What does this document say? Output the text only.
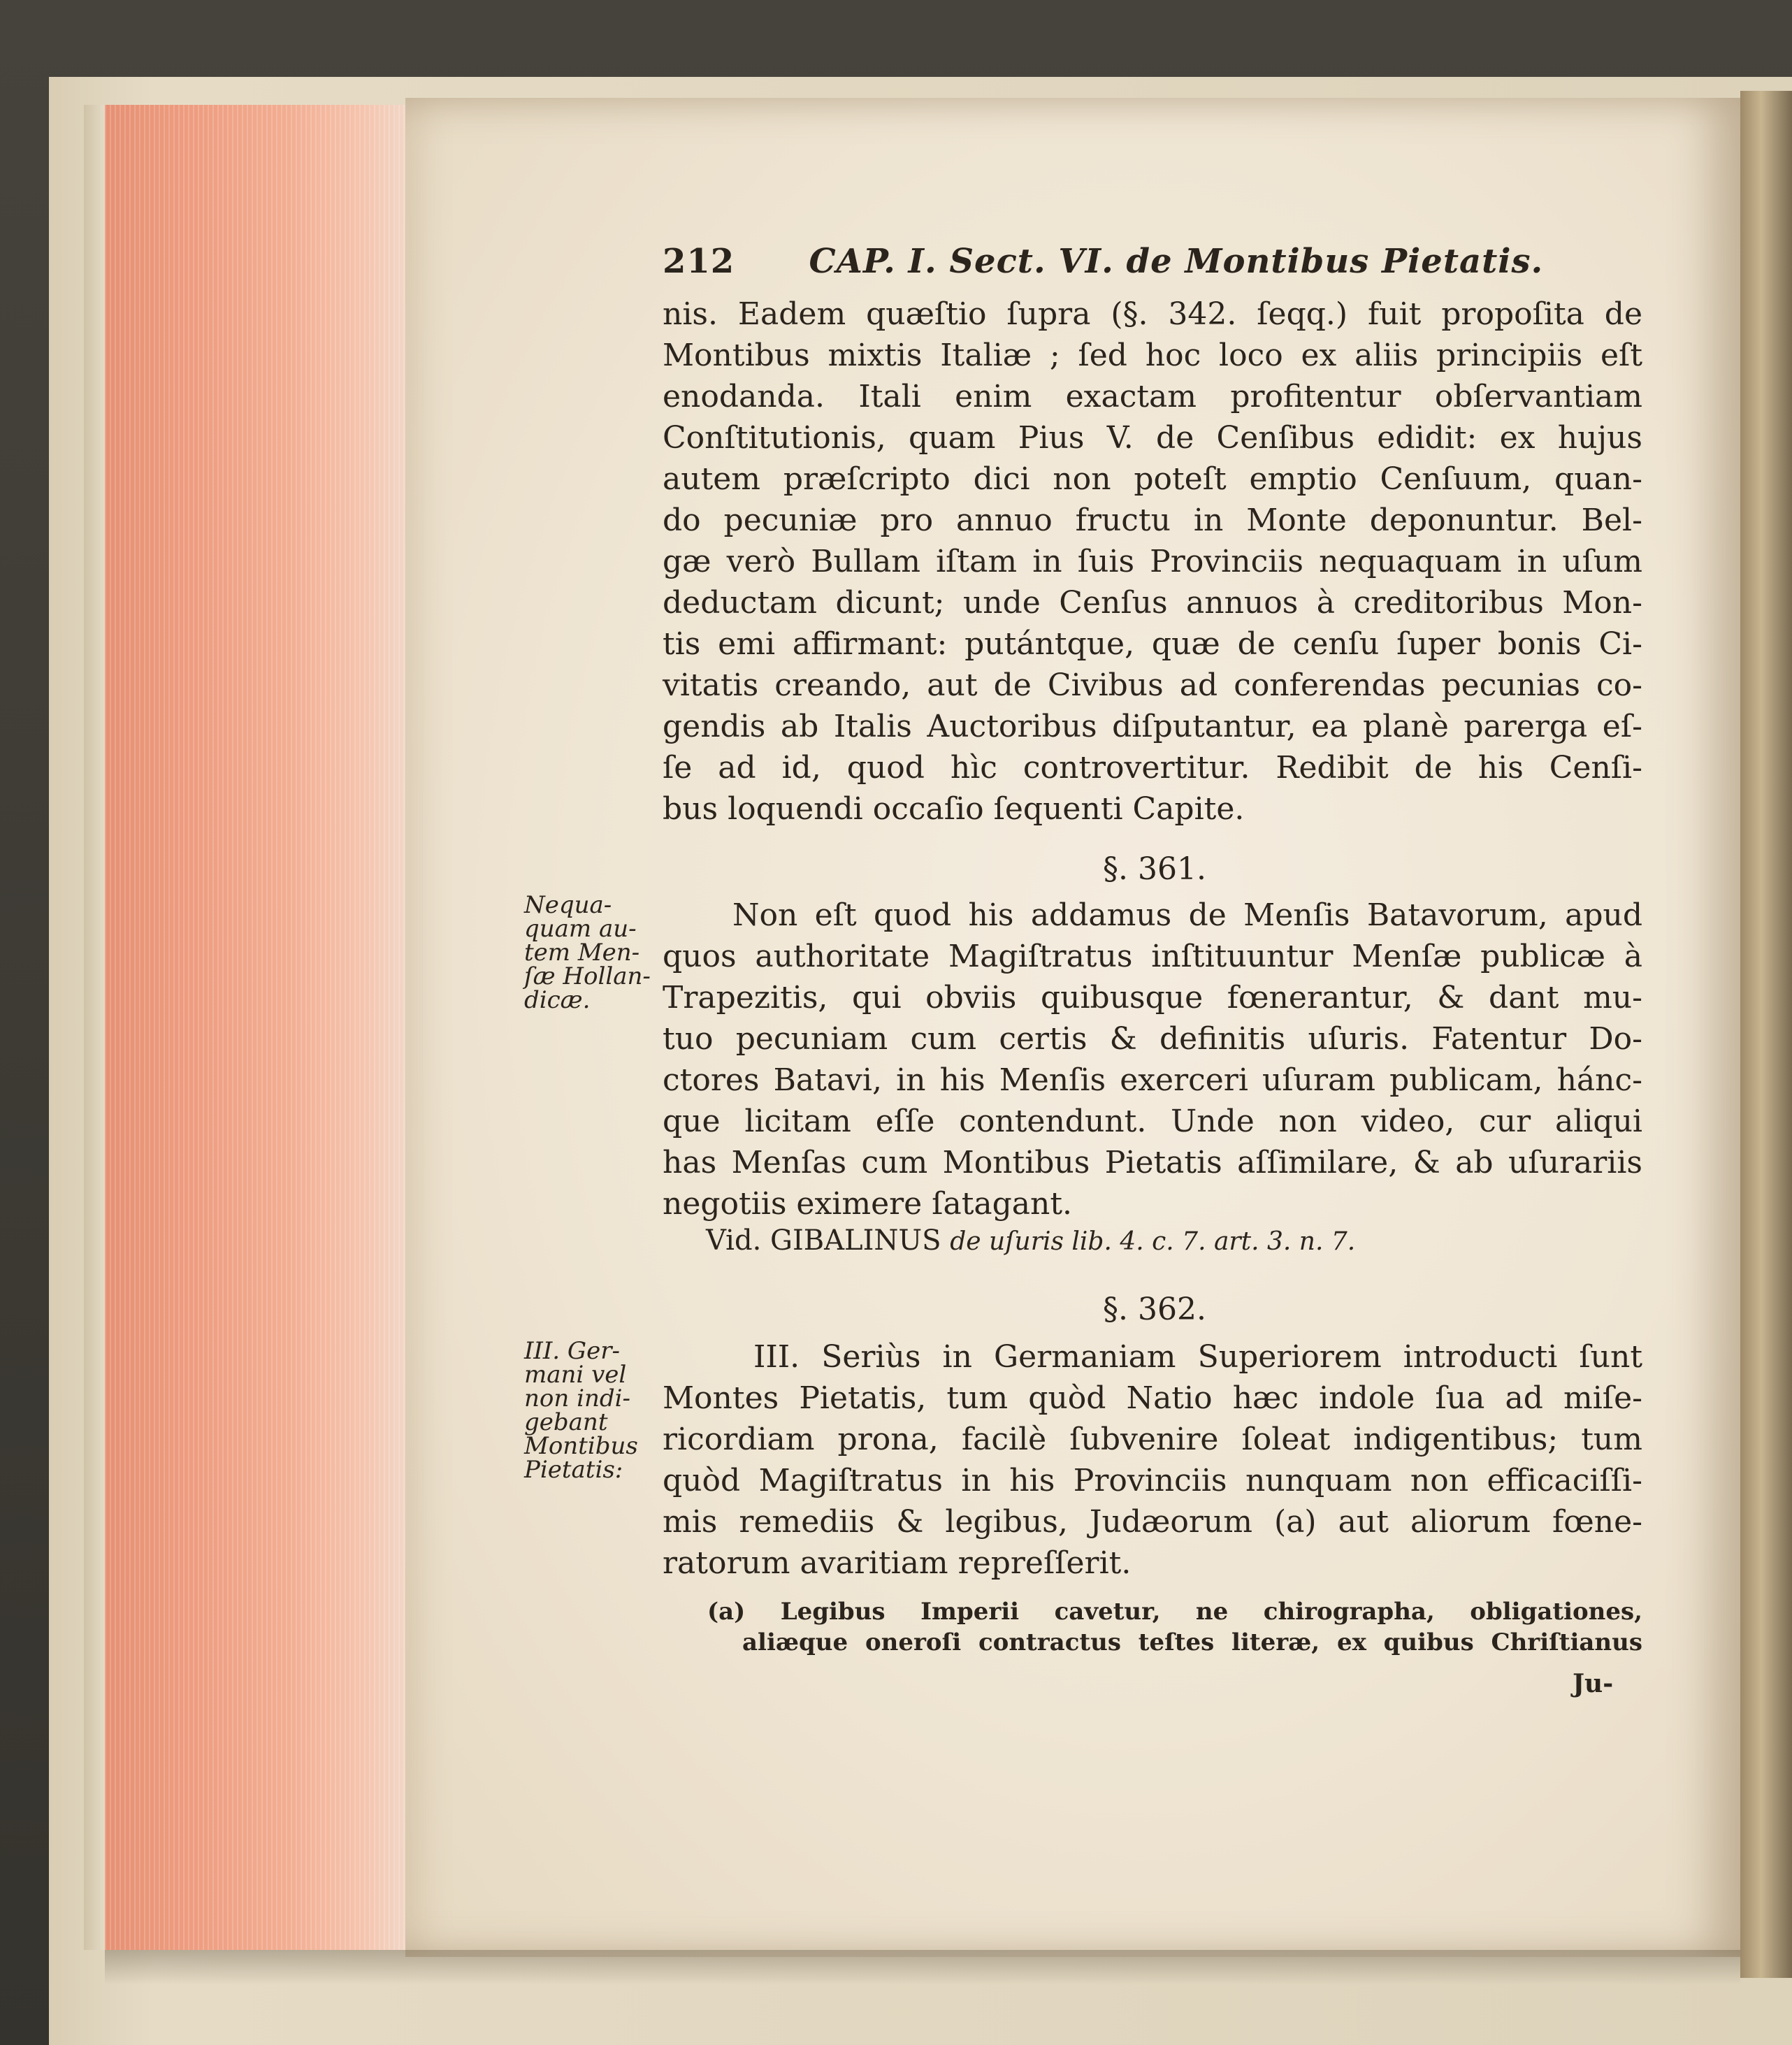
212 CAP. I. Sect. VI. de Montibus Pietatis.
nis. Eadem quæſtio ſupra (§. 342. ſeqq.) fuit propoſita de
Montibus mixtis Italiæ ; ſed hoc loco ex aliis principiis eſt
enodanda. Itali enim exactam profitentur obſervantiam
Conſtitutionis, quam Pius V. de Cenſibus edidit: ex hujus
autem præſcripto dici non poteſt emptio Cenſuum, quan-
do pecuniæ pro annuo fructu in Monte deponuntur. Bel-
gæ verò Bullam iſtam in ſuis Provinciis nequaquam in uſum
deductam dicunt; unde Cenſus annuos à creditoribus Mon-
tis emi affirmant: putántque, quæ de cenſu ſuper bonis Ci-
vitatis creando, aut de Civibus ad conferendas pecunias co-
gendis ab Italis Auctoribus diſputantur, ea planè parerga eſ-
ſe ad id, quod hìc controvertitur. Redibit de his Cenſi-
bus loquendi occaſio ſequenti Capite.
§. 361.
Nequa-
quam au-
tem Men-
ſæ Hollan-
dicæ.
Non eſt quod his addamus de Menſis Batavorum, apud
quos authoritate Magiſtratus inſtituuntur Menſæ publicæ à
Trapezitis, qui obviis quibusque fœnerantur, & dant mu-
tuo pecuniam cum certis & definitis uſuris. Fatentur Do-
ctores Batavi, in his Menſis exerceri uſuram publicam, hánc-
que licitam eſſe contendunt. Unde non video, cur aliqui
has Menſas cum Montibus Pietatis aſſimilare, & ab uſurariis
negotiis eximere ſatagant.
Vid. GIBALINUS de uſuris lib. 4. c. 7. art. 3. n. 7.
§. 362.
III. Ger-
mani vel
non indi-
gebant
Montibus
Pietatis:
III. Seriùs in Germaniam Superiorem introducti ſunt
Montes Pietatis, tum quòd Natio hæc indole ſua ad miſe-
ricordiam prona, facilè ſubvenire ſoleat indigentibus; tum
quòd Magiſtratus in his Provinciis nunquam non efficaciſſi-
mis remediis & legibus, Judæorum (a) aut aliorum fœne-
ratorum avaritiam repreſſerit.
(a) Legibus Imperii cavetur, ne chirographa, obligationes,
aliæque oneroſi contractus teſtes literæ, ex quibus Chriſtianus
Ju-
